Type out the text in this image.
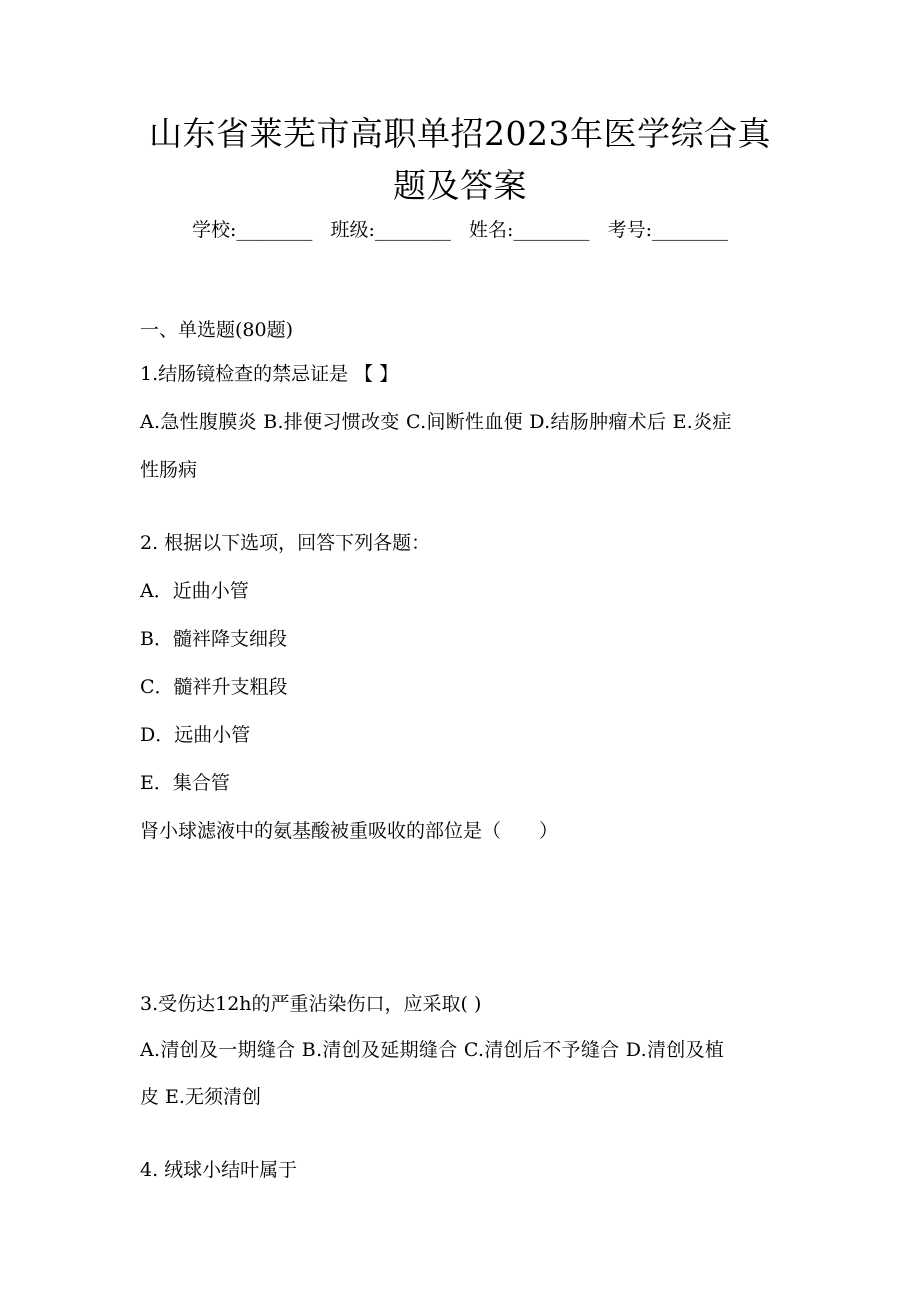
山东省莱芜市高职单招2023年医学综合真
题及答案
学校:________   班级:________   姓名:________   考号:________
一、单选题(80题)
1.结肠镜检查的禁忌证是 【 】
A.急性腹膜炎 B.排便习惯改变 C.间断性血便 D.结肠肿瘤术后 E.炎症
性肠病
2. 根据以下选项，回答下列各题：
A．近曲小管
B．髓袢降支细段
C．髓袢升支粗段
D．远曲小管
E．集合管
肾小球滤液中的氨基酸被重吸收的部位是（　　）
3.受伤达12h的严重沾染伤口，应采取( )
A.清创及一期缝合 B.清创及延期缝合 C.清创后不予缝合 D.清创及植
皮 E.无须清创
4. 绒球小结叶属于
